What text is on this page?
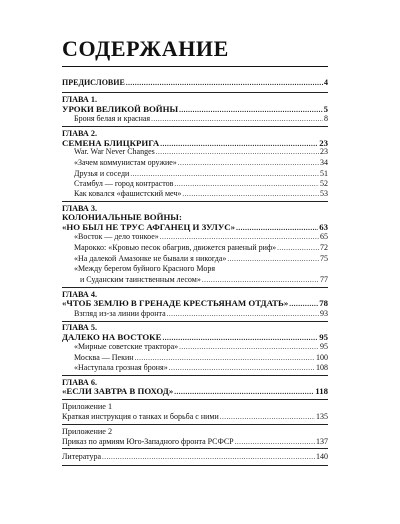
СОДЕРЖАНИЕ
ПРЕДИСЛОВИЕ .....	4
ГЛАВА 1.
УРОКИ ВЕЛИКОЙ ВОЙНЫ .....	5
Броня белая и красная .....	8
ГЛАВА 2.
СЕМЕНА БЛИЦКРИГА .....	23
War. War Never Changes .....	23
«Зачем коммунистам оружие» .....	34
Друзья и соседи .....	51
Стамбул — город контрастов .....	52
Как ковался «фашистский меч» .....	53
ГЛАВА 3.
КОЛОНИАЛЬНЫЕ ВОЙНЫ:
«НО БЫЛ НЕ ТРУС АФГАНЕЦ И ЗУЛУС» .....	63
«Восток — дело тонкое» .....	65
Марокко: «Кровью песок обагрив, движется раненый риф» .....	72
«На далекой Амазонке не бывали я никогда» .....	75
«Между берегом буйного Красного Моря
и Суданским таинственным лесом» .....	77
ГЛАВА 4.
«ЧТОБ ЗЕМЛЮ В ГРЕНАДЕ КРЕСТЬЯНАМ ОТДАТЬ» .....	78
Взгляд из-за линии фронта .....	93
ГЛАВА 5.
ДАЛЕКО НА ВОСТОКЕ .....	95
«Мирные советские трактора» .....	95
Москва — Пекин .....	100
«Наступала грозная броня» .....	108
ГЛАВА 6.
«ЕСЛИ ЗАВТРА В ПОХОД» .....	118
Приложение 1
Краткая инструкция о танках и борьба с ними .....	135
Приложение 2
Приказ по армиям Юго-Западного фронта РСФСР .....	137
Литература .....	140
